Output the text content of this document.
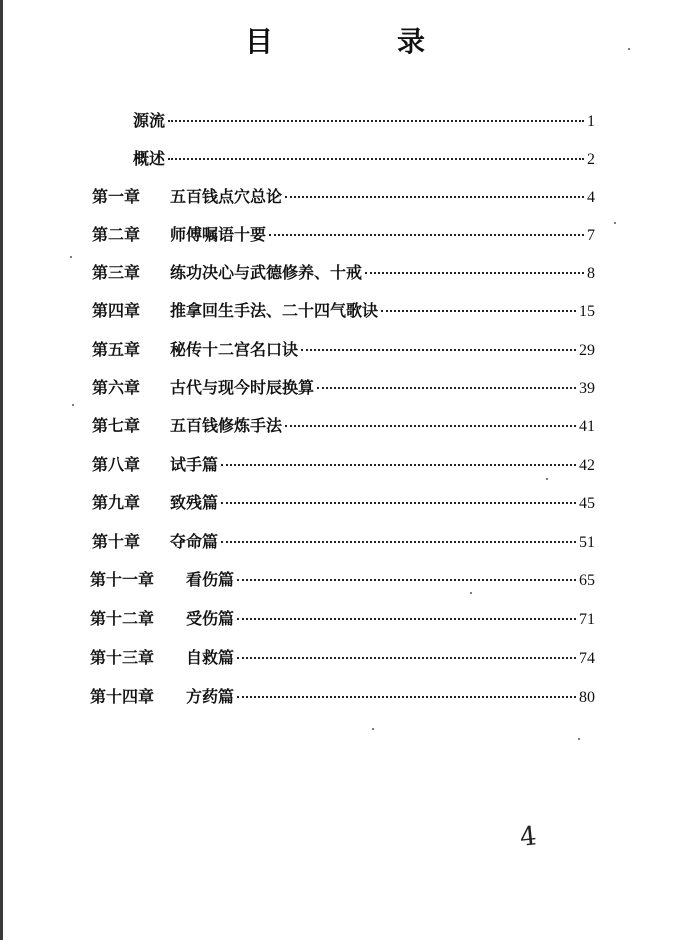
目　录
源流	1
概述	2
第一章	五百钱点穴总论	4
第二章	师傅嘱语十要	7
第三章	练功决心与武德修养、十戒	8
第四章	推拿回生手法、二十四气歌诀	15
第五章	秘传十二宫名口诀	29
第六章	古代与现今时辰换算	39
第七章	五百钱修炼手法	41
第八章	试手篇	42
第九章	致残篇	45
第十章	夺命篇	51
第十一章	看伤篇	65
第十二章	受伤篇	71
第十三章	自救篇	74
第十四章	方药篇	80
4
